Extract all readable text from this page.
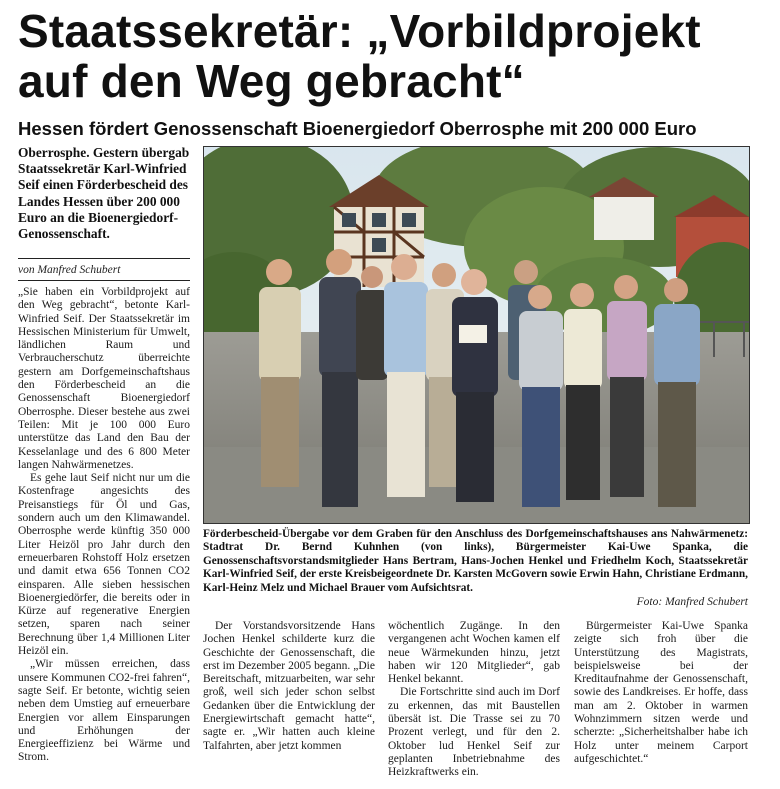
Staatssekretär: „Vorbildprojekt
auf den Weg gebracht“
Hessen fördert Genossenschaft Bioenergiedorf Oberrosphe mit 200 000 Euro

Oberrosphe. Gestern übergab Staatssekretär Karl-Winfried Seif einen Förderbescheid des Landes Hessen über 200 000 Euro an die Bioenergiedorf-Genossenschaft.

von Manfred Schubert

„Sie haben ein Vorbildprojekt auf den Weg gebracht“, betonte Karl-Winfried Seif. Der Staatssekretär im Hessischen Ministerium für Umwelt, ländlichen Raum und Verbraucherschutz überreichte gestern am Dorfgemeinschaftshaus den Förderbescheid an die Genossenschaft Bioenergiedorf Oberrosphe. Dieser bestehe aus zwei Teilen: Mit je 100 000 Euro unterstütze das Land den Bau der Kesselanlage und des 6 800 Meter langen Nahwärmenetzes.

Es gehe laut Seif nicht nur um die Kostenfrage angesichts des Preisanstiegs für Öl und Gas, sondern auch um den Klimawandel. Oberrosphe werde künftig 350 000 Liter Heizöl pro Jahr durch den erneuerbaren Rohstoff Holz ersetzen und damit etwa 656 Tonnen CO2 einsparen. Alle sieben hessischen Bioenergiedörfer, die bereits oder in Kürze auf regenerative Energien setzen, sparen nach seiner Berechnung über 1,4 Millionen Liter Heizöl ein.

„Wir müssen erreichen, dass unsere Kommunen CO2-frei fahren“, sagte Seif. Er betonte, wichtig seien neben dem Umstieg auf erneuerbare Energien vor allem Einsparungen und Erhöhungen der Energieeffizienz bei Wärme und Strom.

Förderbescheid-Übergabe vor dem Graben für den Anschluss des Dorfgemeinschaftshauses ans Nahwärmenetz: Stadtrat Dr. Bernd Kuhnhen (von links), Bürgermeister Kai-Uwe Spanka, die Genossenschaftsvorstandsmitglieder Hans Bertram, Hans-Jochen Henkel und Friedhelm Koch, Staatssekretär Karl-Winfried Seif, der erste Kreisbeigeordnete Dr. Karsten McGovern sowie Erwin Hahn, Christiane Erdmann, Karl-Heinz Melz und Michael Brauer vom Aufsichtsrat.

Foto: Manfred Schubert

Der Vorstandsvorsitzende Hans Jochen Henkel schilderte kurz die Geschichte der Genossenschaft, die erst im Dezember 2005 begann. „Die Bereitschaft, mitzuarbeiten, war sehr groß, weil sich jeder schon selbst Gedanken über die Entwicklung der Energiewirtschaft gemacht hatte“, sagte er. „Wir hatten auch kleine Talfahrten, aber jetzt kommen

wöchentlich Zugänge. In den vergangenen acht Wochen kamen elf neue Wärmekunden hinzu, jetzt haben wir 120 Mitglieder“, gab Henkel bekannt.

Die Fortschritte sind auch im Dorf zu erkennen, das mit Baustellen übersät ist. Die Trasse sei zu 70 Prozent verlegt, und für den 2. Oktober lud Henkel Seif zur geplanten Inbetriebnahme des Heizkraftwerks ein.

Bürgermeister Kai-Uwe Spanka zeigte sich froh über die Unterstützung des Magistrats, beispielsweise bei der Kreditaufnahme der Genossenschaft, sowie des Landkreises. Er hoffe, dass man am 2. Oktober in warmen Wohnzimmern sitzen werde und scherzte: „Sicherheitshalber habe ich Holz unter meinem Carport aufgeschichtet.“
